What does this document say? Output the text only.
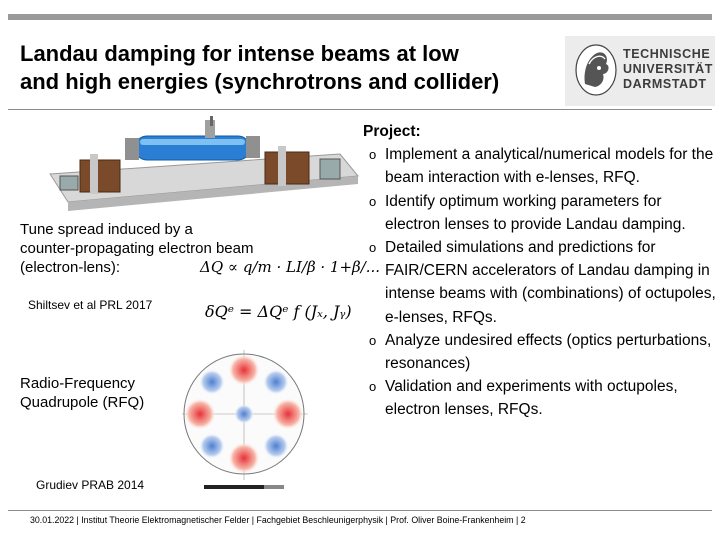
Landau damping for intense beams at low
and high energies (synchrotrons and collider)
TECHNISCHE
UNIVERSITÄT
DARMSTADT
Tune spread induced by a
counter-propagating electron beam
(electron-lens):	ΔQ ∝ q/m · LI/β · 1+β/...
δQᵉ = ΔQᵉ f (Jₓ, Jᵧ)
Shiltsev et al PRL 2017
Radio-Frequency
Quadrupole (RFQ)
Grudiev PRAB 2014
Project:
o Implement a analytical/numerical models for the beam interaction with e-lenses, RFQ.
o Identify optimum working parameters for electron lenses to provide Landau damping.
o Detailed simulations and predictions for FAIR/CERN accelerators of Landau damping in intense beams with (combinations) of octupoles, e-lenses, RFQs.
o Analyze undesired effects (optics perturbations, resonances)
o Validation and experiments with octupoles, electron lenses, RFQs.
30.01.2022 | Institut Theorie Elektromagnetischer Felder | Fachgebiet Beschleunigerphysik | Prof. Oliver Boine-Frankenheim | 2
